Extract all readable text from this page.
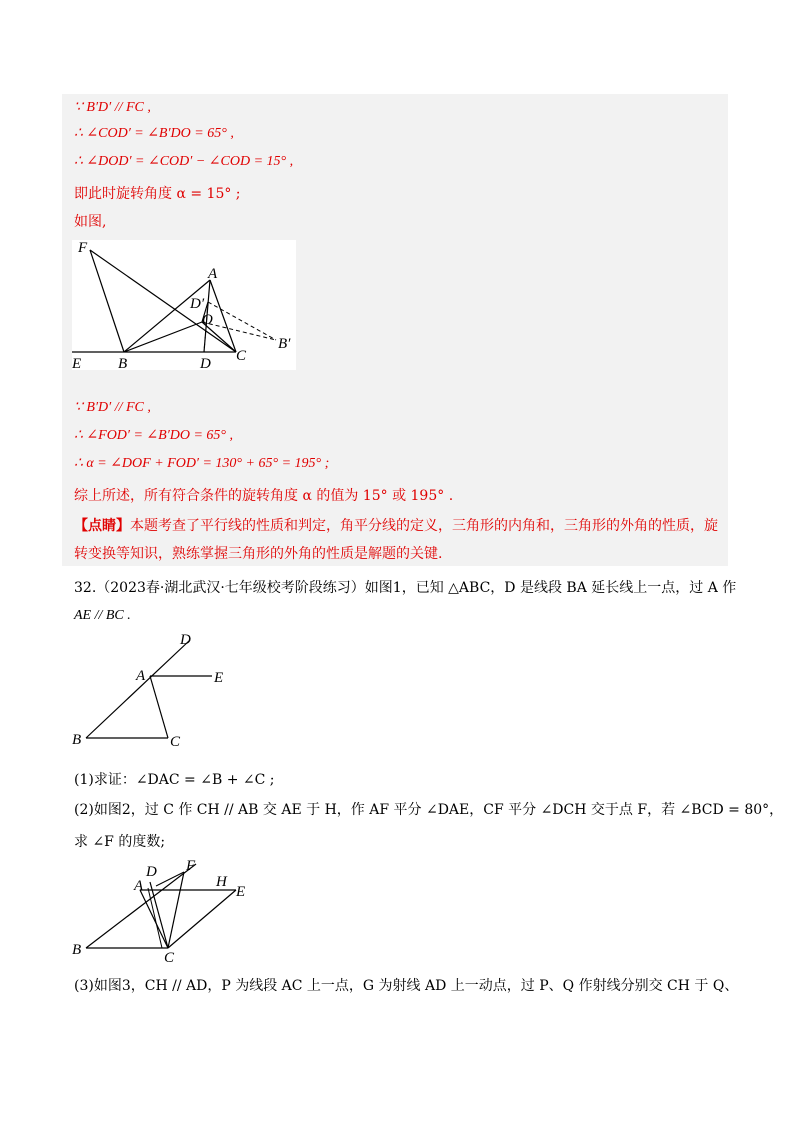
∵ B′D′ // FC ,
∴ ∠COD′ = ∠B′DO = 65° ,
∴ ∠DOD′ = ∠COD′ − ∠COD = 15° ,
即此时旋转角度 α = 15° ;
如图,
F
A
D′
O
B′
E B	D C
∵ B′D′ // FC ,
∴ ∠FOD′ = ∠B′DO = 65° ,
∴ α = ∠DOF + FOD′ = 130° + 65° = 195° ;
综上所述，所有符合条件的旋转角度 α 的值为 15° 或 195° .
【点睛】本题考查了平行线的性质和判定，角平分线的定义，三角形的内角和，三角形的外角的性质，旋
转变换等知识，熟练掌握三角形的外角的性质是解题的关键.
32.（2023春·湖北武汉·七年级校考阶段练习）如图1，已知 △ABC，D 是线段 BA 延长线上一点，过 A 作
AE // BC .
D
A	E
B	C
(1)求证：∠DAC = ∠B + ∠C ;
(2)如图2，过 C 作 CH // AB 交 AE 于 H，作 AF 平分 ∠DAE，CF 平分 ∠DCH 交于点 F，若 ∠BCD = 80°，
求 ∠F 的度数;
D F
A	H
E
B	C
(3)如图3，CH // AD，P 为线段 AC 上一点，G 为射线 AD 上一动点，过 P、Q 作射线分别交 CH 于 Q、
